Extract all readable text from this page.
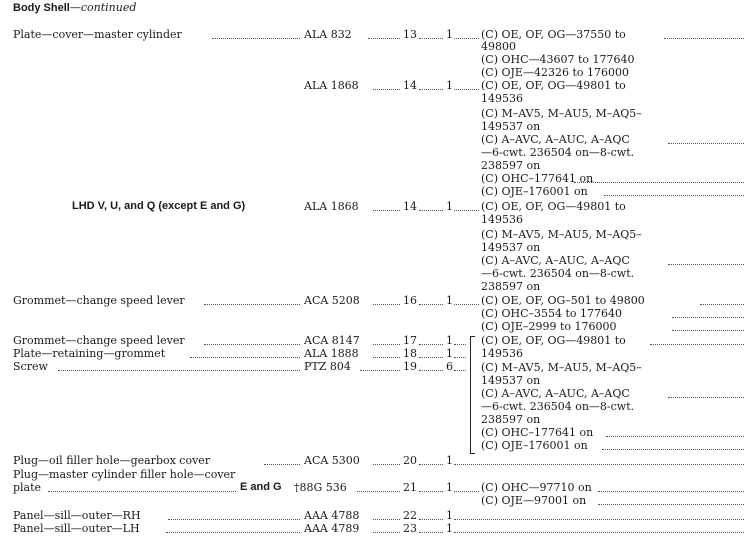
Body Shell—continued
Plate—cover—master cylinder	ALA 832	13	1	(C) OE, OF, OG—37550 to
49800
(C) OHC—43607 to 177640
(C) OJE—42326 to 176000
ALA 1868	14	1	(C) OE, OF, OG—49801 to
149536
(C) M–AV5, M–AU5, M–AQ5–
149537 on
(C) A–AVC, A–AUC, A–AQC
—6-cwt. 236504 on—8-cwt.
238597 on
(C) OHC–177641 on
(C) OJE–176001 on
LHD V, U, and Q (except E and G)	ALA 1868	14	1	(C) OE, OF, OG—49801 to
149536
(C) M–AV5, M–AU5, M–AQ5–
149537 on
(C) A–AVC, A–AUC, A–AQC
—6-cwt. 236504 on—8-cwt.
238597 on
Grommet—change speed lever	ACA 5208	16	1	(C) OE, OF, OG–501 to 49800
(C) OHC–3554 to 177640
(C) OJE–2999 to 176000
Grommet—change speed lever	ACA 8147	17	1
Plate—retaining—grommet	ALA 1888	18	1
Screw	PTZ 804	19	6
(C) OE, OF, OG—49801 to
149536
(C) M–AV5, M–AU5, M–AQ5–
149537 on
(C) A–AVC, A–AUC, A–AQC
—6-cwt. 236504 on—8-cwt.
238597 on
(C) OHC–177641 on
(C) OJE–176001 on
Plug—oil filler hole—gearbox cover	ACA 5300	20	1
Plug—master cylinder filler hole—cover
plate	E and G †88G 536	21	1	(C) OHC—97710 on
(C) OJE—97001 on
Panel—sill—outer—RH	AAA 4788	22	1
Panel—sill—outer—LH	AAA 4789	23	1
